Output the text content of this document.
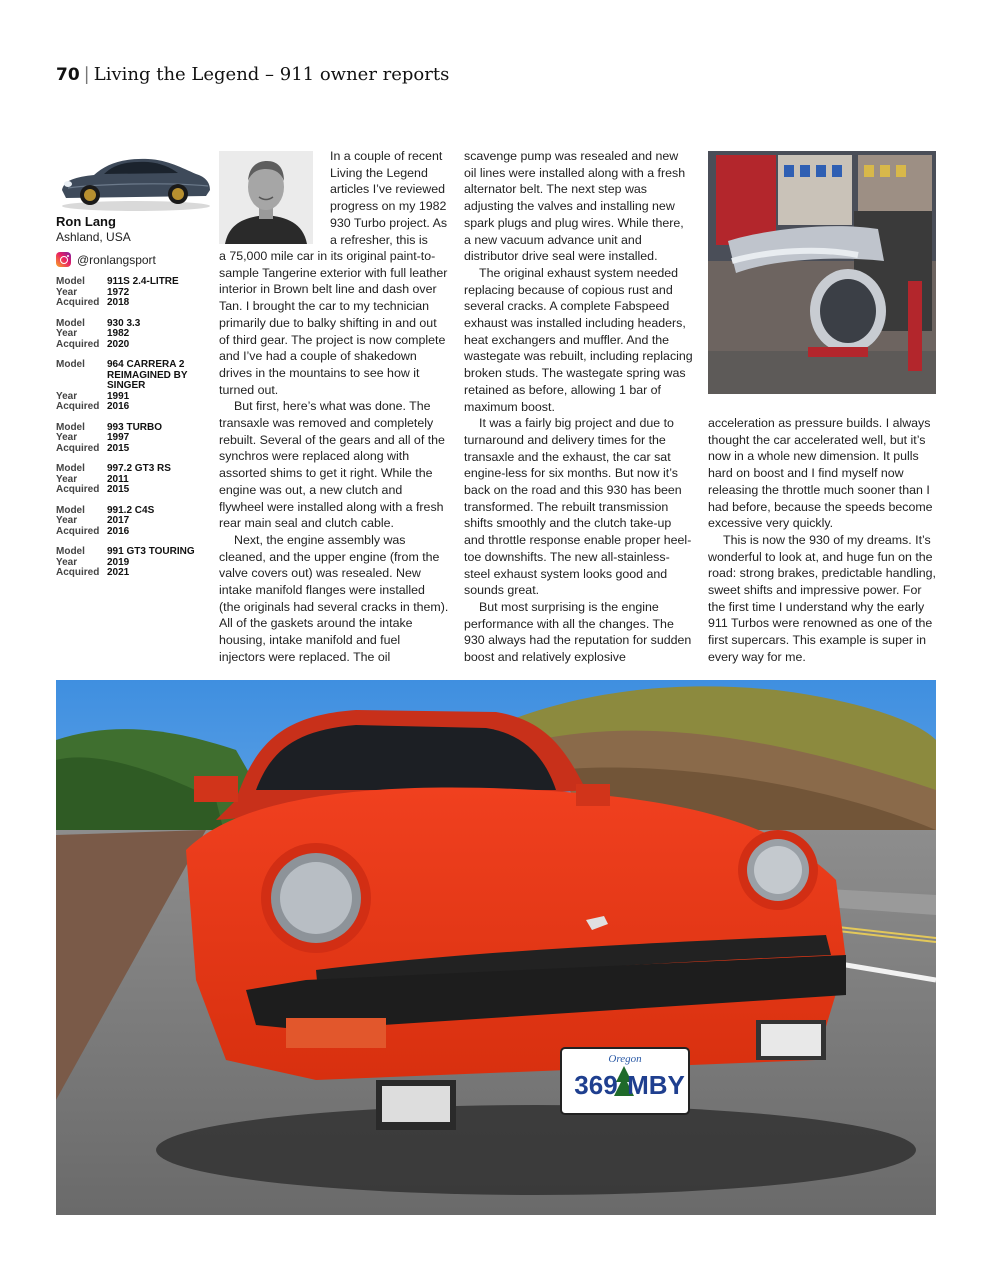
70 | Living the Legend – 911 owner reports
Ron Lang
Ashland, USA
@ronlangsport
Model	911S 2.4-LITRE
Year	1972
Acquired 2018
Model	930 3.3
Year	1982
Acquired 2020
Model	964 CARRERA 2 REIMAGINED BY SINGER
Year	1991
Acquired 2016
Model	993 TURBO
Year	1997
Acquired 2015
Model	997.2 GT3 RS
Year	2011
Acquired 2015
Model	991.2 C4S
Year	2017
Acquired 2016
Model	991 GT3 TOURING
Year	2019
Acquired 2021

In a couple of recent Living the Legend articles I’ve reviewed progress on my 1982 930 Turbo project. As a refresher, this is

a 75,000 mile car in its original paint-to-sample Tangerine exterior with full leather interior in Brown belt line and dash over Tan. I brought the car to my technician primarily due to balky shifting in and out of third gear. The project is now complete and I’ve had a couple of shakedown drives in the mountains to see how it turned out.

But first, here’s what was done. The transaxle was removed and completely rebuilt. Several of the gears and all of the synchros were replaced along with assorted shims to get it right. While the engine was out, a new clutch and flywheel were installed along with a fresh rear main seal and clutch cable.

Next, the engine assembly was cleaned, and the upper engine (from the valve covers out) was resealed. New intake manifold flanges were installed (the originals had several cracks in them). All of the gaskets around the intake housing, intake manifold and fuel injectors were replaced. The oil

scavenge pump was resealed and new oil lines were installed along with a fresh alternator belt. The next step was adjusting the valves and installing new spark plugs and plug wires. While there, a new vacuum advance unit and distributor drive seal were installed.

The original exhaust system needed replacing because of copious rust and several cracks. A complete Fabspeed exhaust was installed including headers, heat exchangers and muffler. And the wastegate was rebuilt, including replacing broken studs. The wastegate spring was retained as before, allowing 1 bar of maximum boost.

It was a fairly big project and due to turnaround and delivery times for the transaxle and the exhaust, the car sat engine-less for six months. But now it’s back on the road and this 930 has been transformed. The rebuilt transmission shifts smoothly and the clutch take-up and throttle response enable proper heel-toe downshifts. The new all-stainless-steel exhaust system looks good and sounds great.

But most surprising is the engine performance with all the changes. The 930 always had the reputation for sudden boost and relatively explosive

acceleration as pressure builds. I always thought the car accelerated well, but it’s now in a whole new dimension. It pulls hard on boost and I find myself now releasing the throttle much sooner than I had before, because the speeds become excessive very quickly.

This is now the 930 of my dreams. It’s wonderful to look at, and huge fun on the road: strong brakes, predictable handling, sweet shifts and impressive power. For the first time I understand why the early 911 Turbos were renowned as one of the first supercars. This example is super in every way for me.

Oregon
369 MBY
